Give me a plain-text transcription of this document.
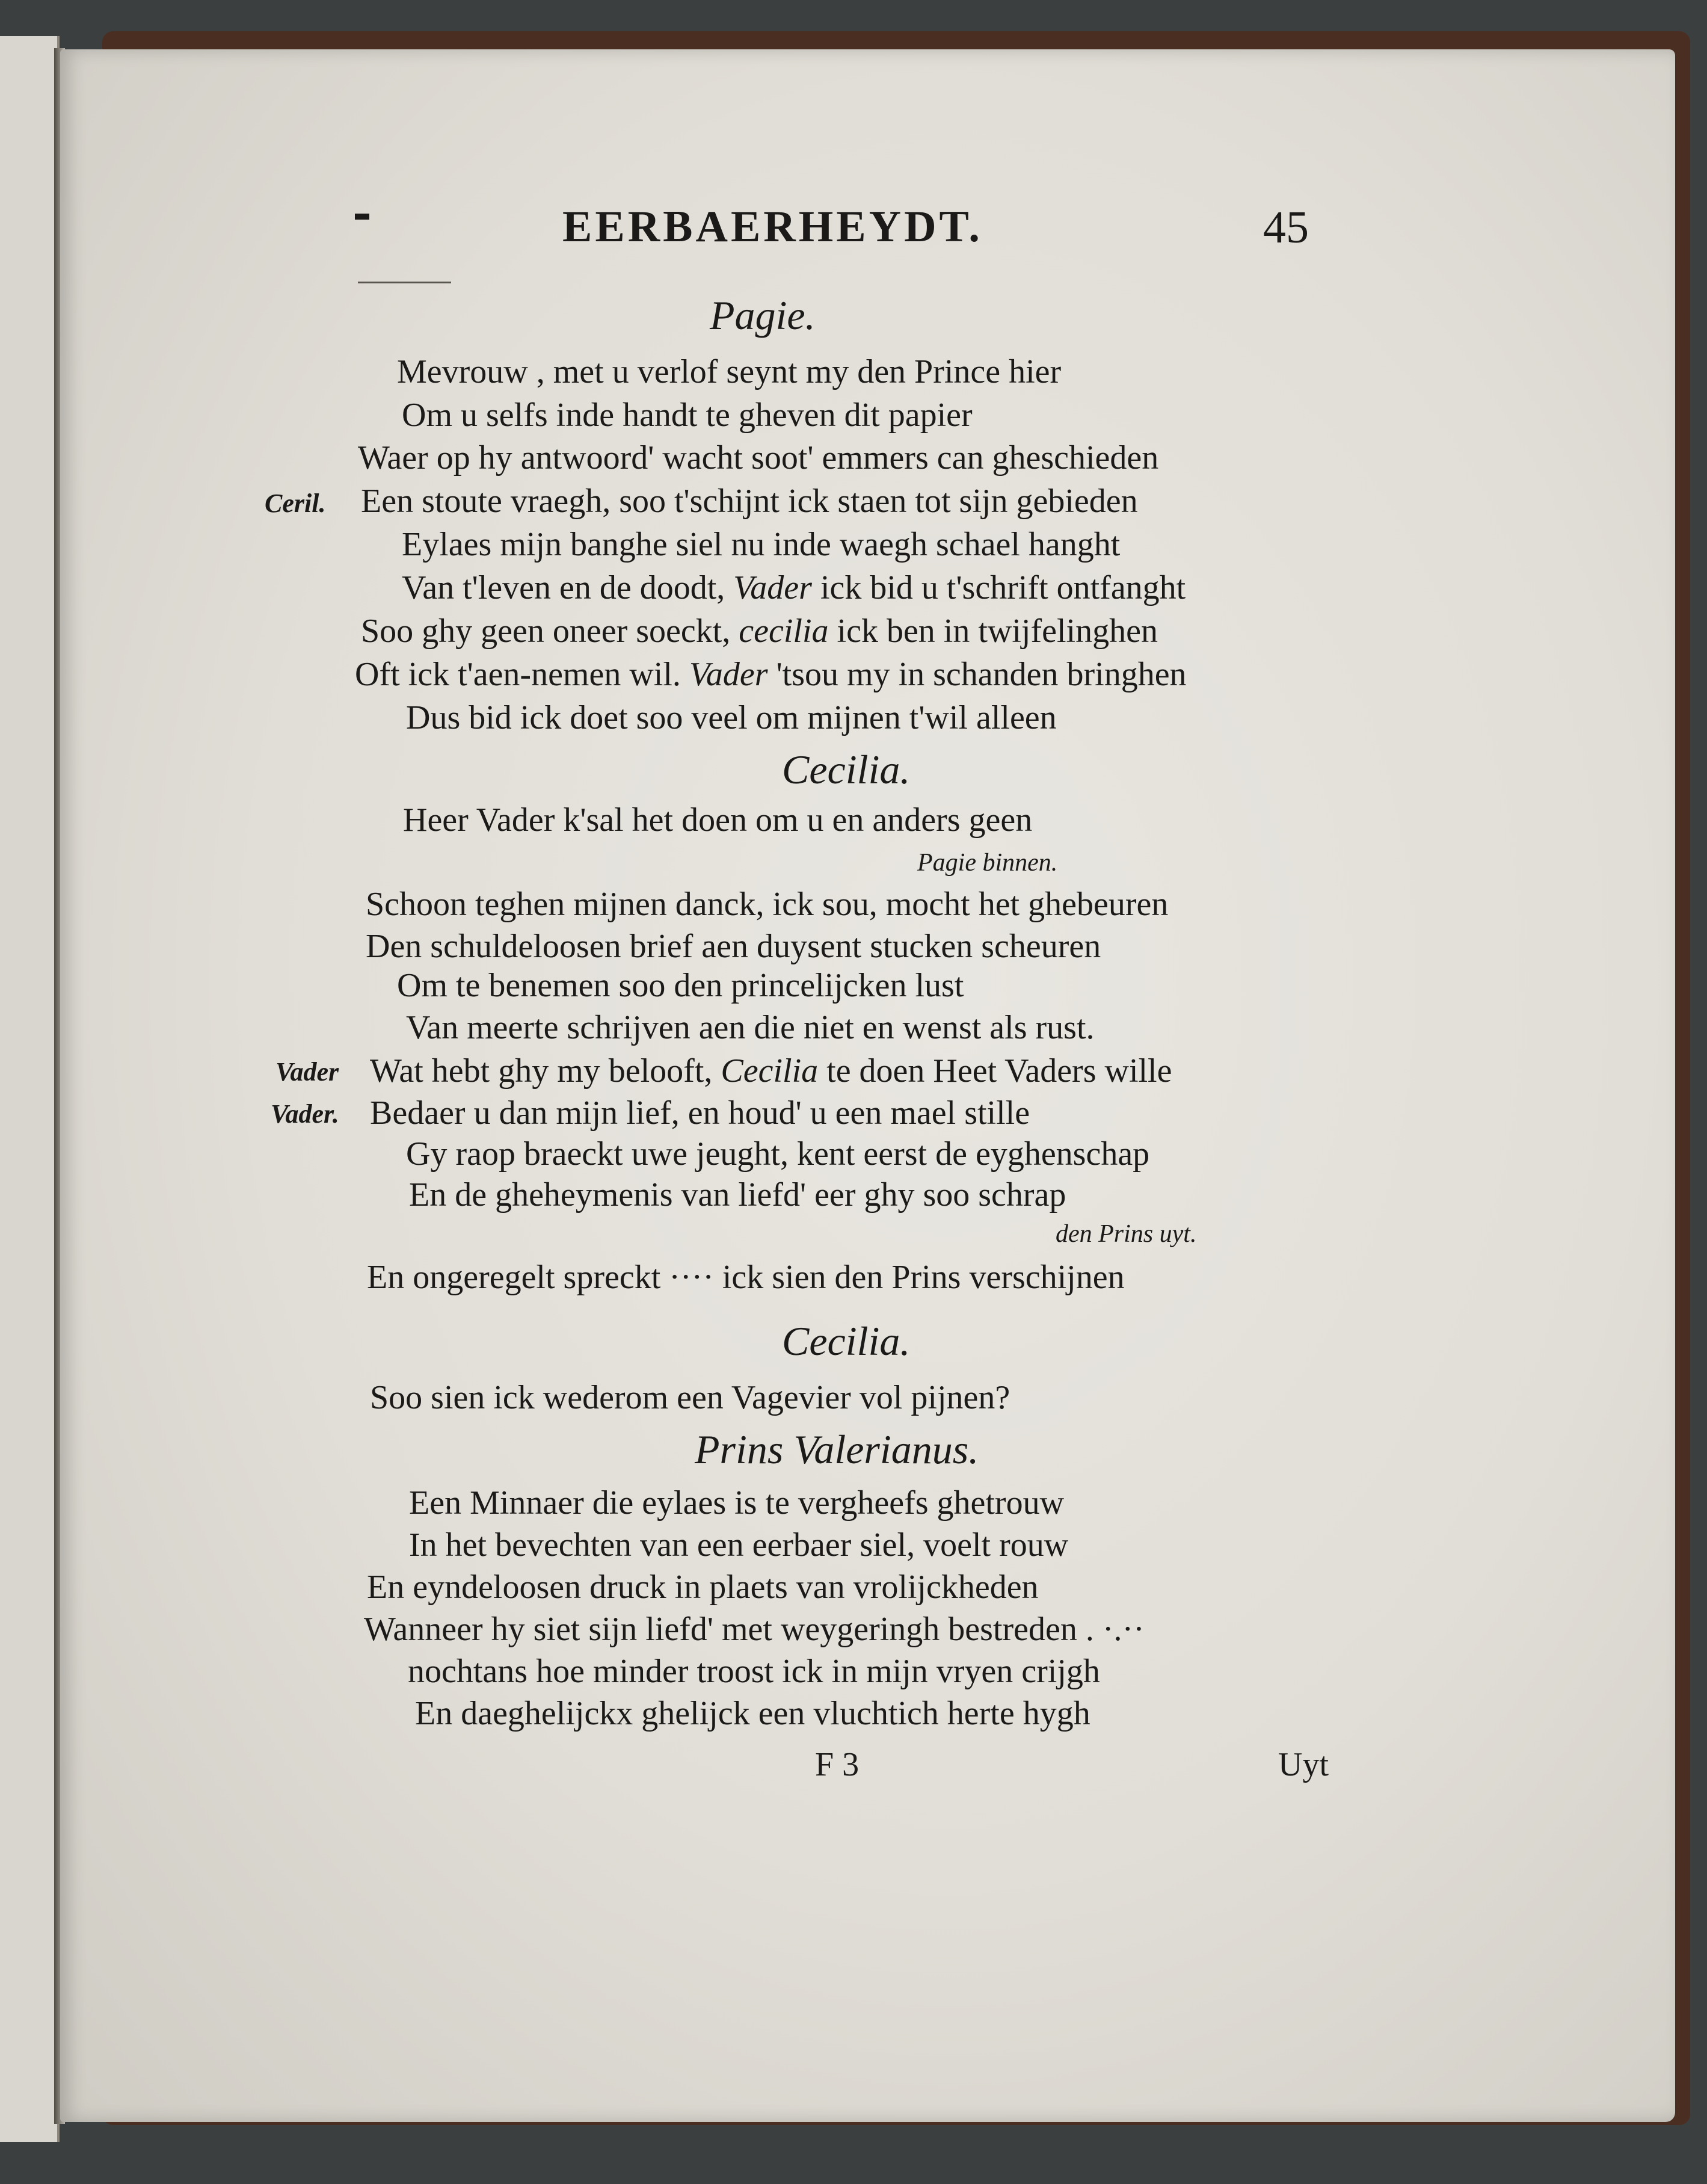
EERBAERHEYDT.	45
Pagie.
Mevrouw , met u verlof seynt my den Prince hier
Om u selfs inde handt te gheven dit papier
Waer op hy antwoord' wacht soot' emmers can gheschieden
Ceril. Een stoute vraegh, soo t'schijnt ick staen tot sijn gebieden
Eylaes mijn banghe siel nu inde waegh schael hanght
Van t'leven en de doodt, Vader ick bid u t'schrift ontfanght
Soo ghy geen oneer soeckt, cecilia ick ben in twijfelinghen
Oft ick t'aen-nemen wil. Vader 'tsou my in schanden bringhen
Dus bid ick doet soo veel om mijnen t'wil alleen
Cecilia.
Heer Vader k'sal het doen om u en anders geen
Pagie binnen.
Schoon teghen mijnen danck, ick sou, mocht het ghebeuren
Den schuldeloosen brief aen duysent stucken scheuren
Om te benemen soo den princelijcken lust
Van meerte schrijven aen die niet en wenst als rust.
Vader Wat hebt ghy my belooft, Cecilia te doen Heet Vaders wille
Vader. Bedaer u dan mijn lief, en houd' u een mael stille
Gy raop braeckt uwe jeught, kent eerst de eyghenschap
En de gheheymenis van liefd' eer ghy soo schrap
den Prins uyt.
En ongeregelt spreckt ···· ick sien den Prins verschijnen
Cecilia.
Soo sien ick wederom een Vagevier vol pijnen?
Prins Valerianus.
Een Minnaer die eylaes is te vergheefs ghetrouw
In het bevechten van een eerbaer siel, voelt rouw
En eyndeloosen druck in plaets van vrolijckheden
Wanneer hy siet sijn liefd' met weygeringh bestreden . ·.··
nochtans hoe minder troost ick in mijn vryen crijgh
En daeghelijckx ghelijck een vluchtich herte hygh
F 3	Uyt
